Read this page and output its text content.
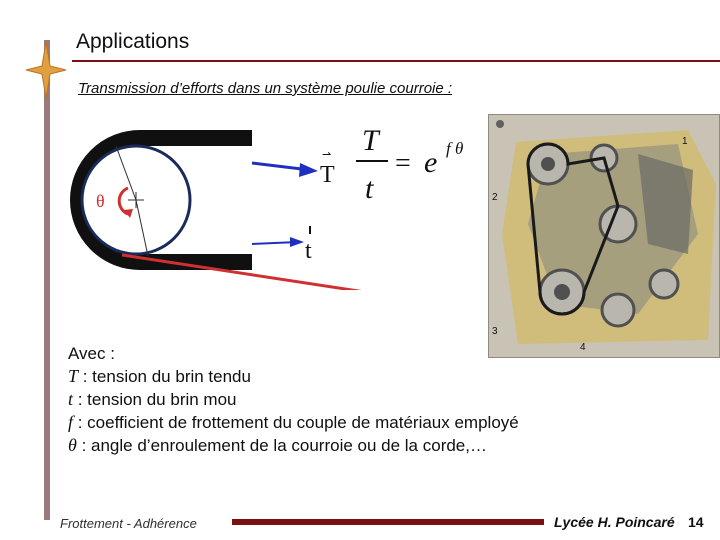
Applications
Transmission d’efforts dans un système poulie courroie :
θ
⇀
T
t
T
t
= e f θ	1
2
3
4
Avec :
T : tension du brin tendu
t : tension du brin mou
f : coefficient de frottement du couple de matériaux employé
θ : angle d’enroulement de la courroie ou de la corde,…
Frottement - Adhérence	Lycée H. Poincaré 14
